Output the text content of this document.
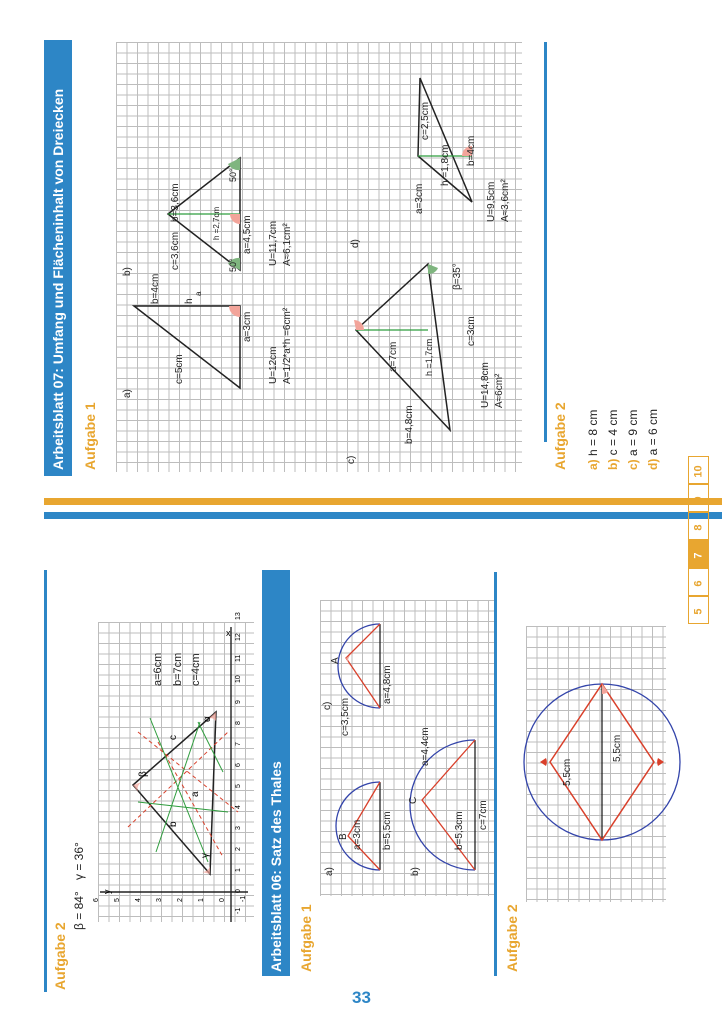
5
6
7
8
9
10
33
Aufgabe 2
β = 84°
γ = 36°
x
y
-1
0
1
2
3
4
5
6
7
8
9
10
11
12
13
-1
0
1
2
3
4
5
6
a
b
c
α
β
γ
a=6cm b=7cm c=4cm
Arbeitsblatt 06: Satz des Thales Aufgabe 1
a)
B a=3cm b=5,5cm
b)
C
a=4,4cm
b=5,3cm c=7cm
c)
A
c=3,5cm
a=4,8cm
Aufgabe 2
5,5cm
5,5cm
Arbeitsblatt 07: Umfang und Flächeninhalt von Dreiecken Aufgabe 1
a)
c=5cm
b=4cm h
a
a=3cm
U=12cm A=1/2*a*h =6cm²
b)
c=3,6cm
b=3,6cm
h =2,7cm a=4,5cm
50°
50°
U=11,7cm A≈6,1cm²
c)
b=4,8cm
a=7cm	h =1,7cm
c=3cm
β=35°
U=14,8cm A≈6cm²
d)
a=3cm
c=2,5cm
h =1,8cm b=4cm
U=9,5cm A≈3,6cm²
Aufgabe 2 a) h = 8 cm
b) c = 4 cm
c) a = 9 cm
d) a = 6 cm
